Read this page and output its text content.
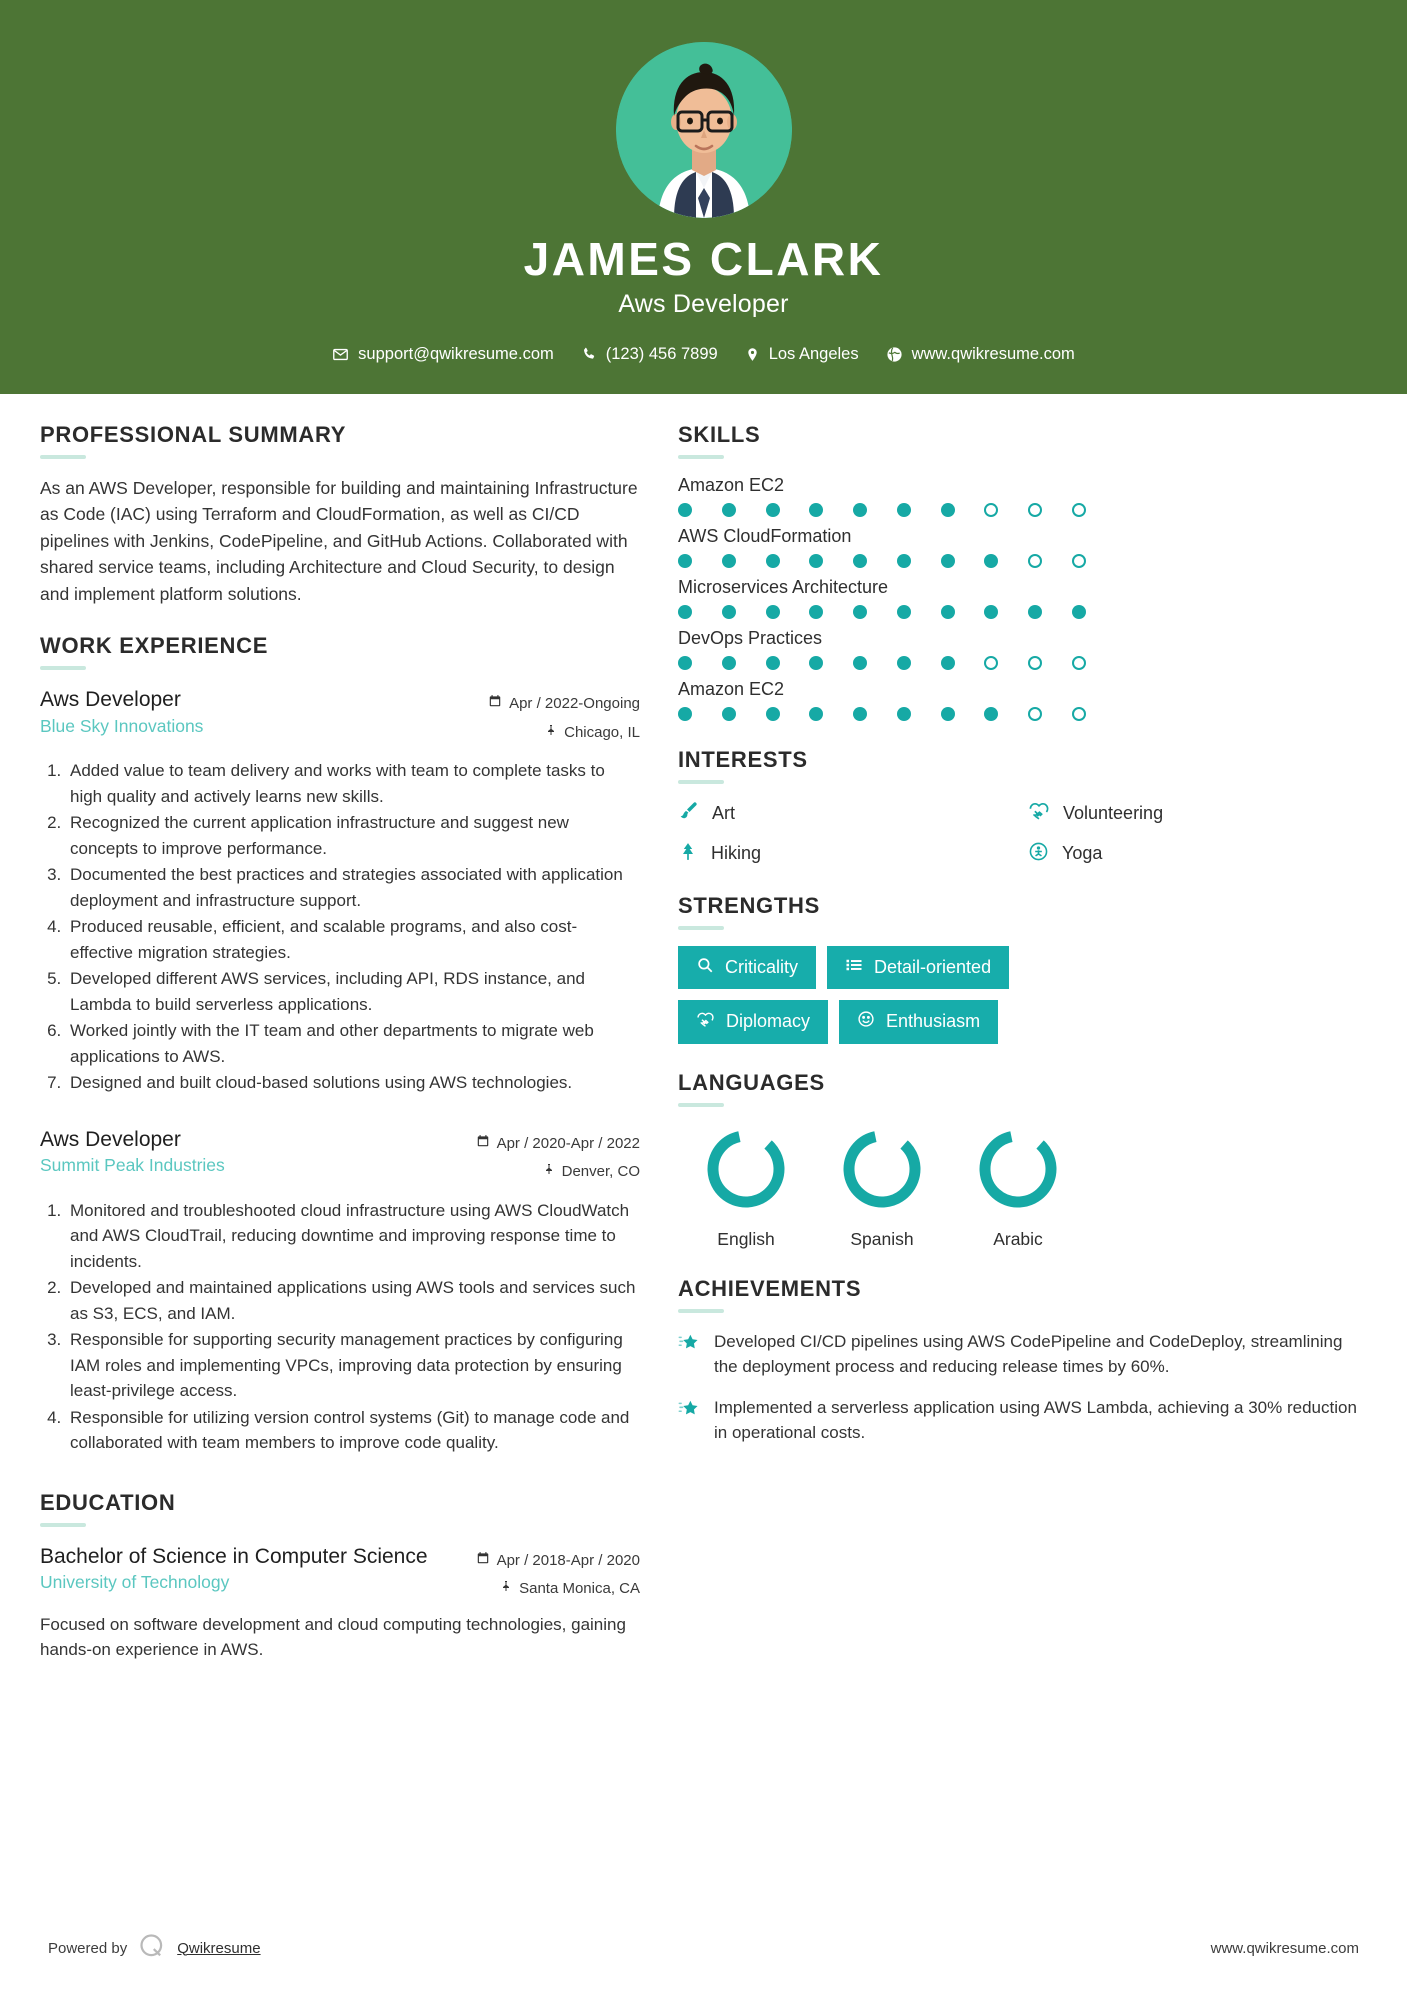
JAMES CLARK
Aws Developer
support@qwikresume.com	(123) 456 7899	Los Angeles	www.qwikresume.com
PROFESSIONAL SUMMARY
As an AWS Developer, responsible for building and maintaining Infrastructure as Code (IAC) using Terraform and CloudFormation, as well as CI/CD pipelines with Jenkins, CodePipeline, and GitHub Actions. Collaborated with shared service teams, including Architecture and Cloud Security, to design and implement platform solutions.
WORK EXPERIENCE
Aws Developer
Blue Sky Innovations
Apr / 2022-Ongoing
Chicago, IL
1. Added value to team delivery and works with team to complete tasks to high quality and actively learns new skills.
2. Recognized the current application infrastructure and suggest new concepts to improve performance.
3. Documented the best practices and strategies associated with application deployment and infrastructure support.
4. Produced reusable, efficient, and scalable programs, and also cost-effective migration strategies.
5. Developed different AWS services, including API, RDS instance, and Lambda to build serverless applications.
6. Worked jointly with the IT team and other departments to migrate web applications to AWS.
7. Designed and built cloud-based solutions using AWS technologies.
Aws Developer
Summit Peak Industries
Apr / 2020-Apr / 2022
Denver, CO
1. Monitored and troubleshooted cloud infrastructure using AWS CloudWatch and AWS CloudTrail, reducing downtime and improving response time to incidents.
2. Developed and maintained applications using AWS tools and services such as S3, ECS, and IAM.
3. Responsible for supporting security management practices by configuring IAM roles and implementing VPCs, improving data protection by ensuring least-privilege access.
4. Responsible for utilizing version control systems (Git) to manage code and collaborated with team members to improve code quality.
EDUCATION
Bachelor of Science in Computer Science
University of Technology
Apr / 2018-Apr / 2020
Santa Monica, CA
Focused on software development and cloud computing technologies, gaining hands-on experience in AWS.
SKILLS
Amazon EC2
AWS CloudFormation
Microservices Architecture
DevOps Practices
Amazon EC2
INTERESTS
Art	Volunteering
Hiking	Yoga
STRENGTHS
Criticality	Detail-oriented
Diplomacy	Enthusiasm
LANGUAGES
English	Spanish	Arabic
ACHIEVEMENTS
Developed CI/CD pipelines using AWS CodePipeline and CodeDeploy, streamlining the deployment process and reducing release times by 60%.
Implemented a serverless application using AWS Lambda, achieving a 30% reduction in operational costs.
Powered by	Qwikresume	www.qwikresume.com
